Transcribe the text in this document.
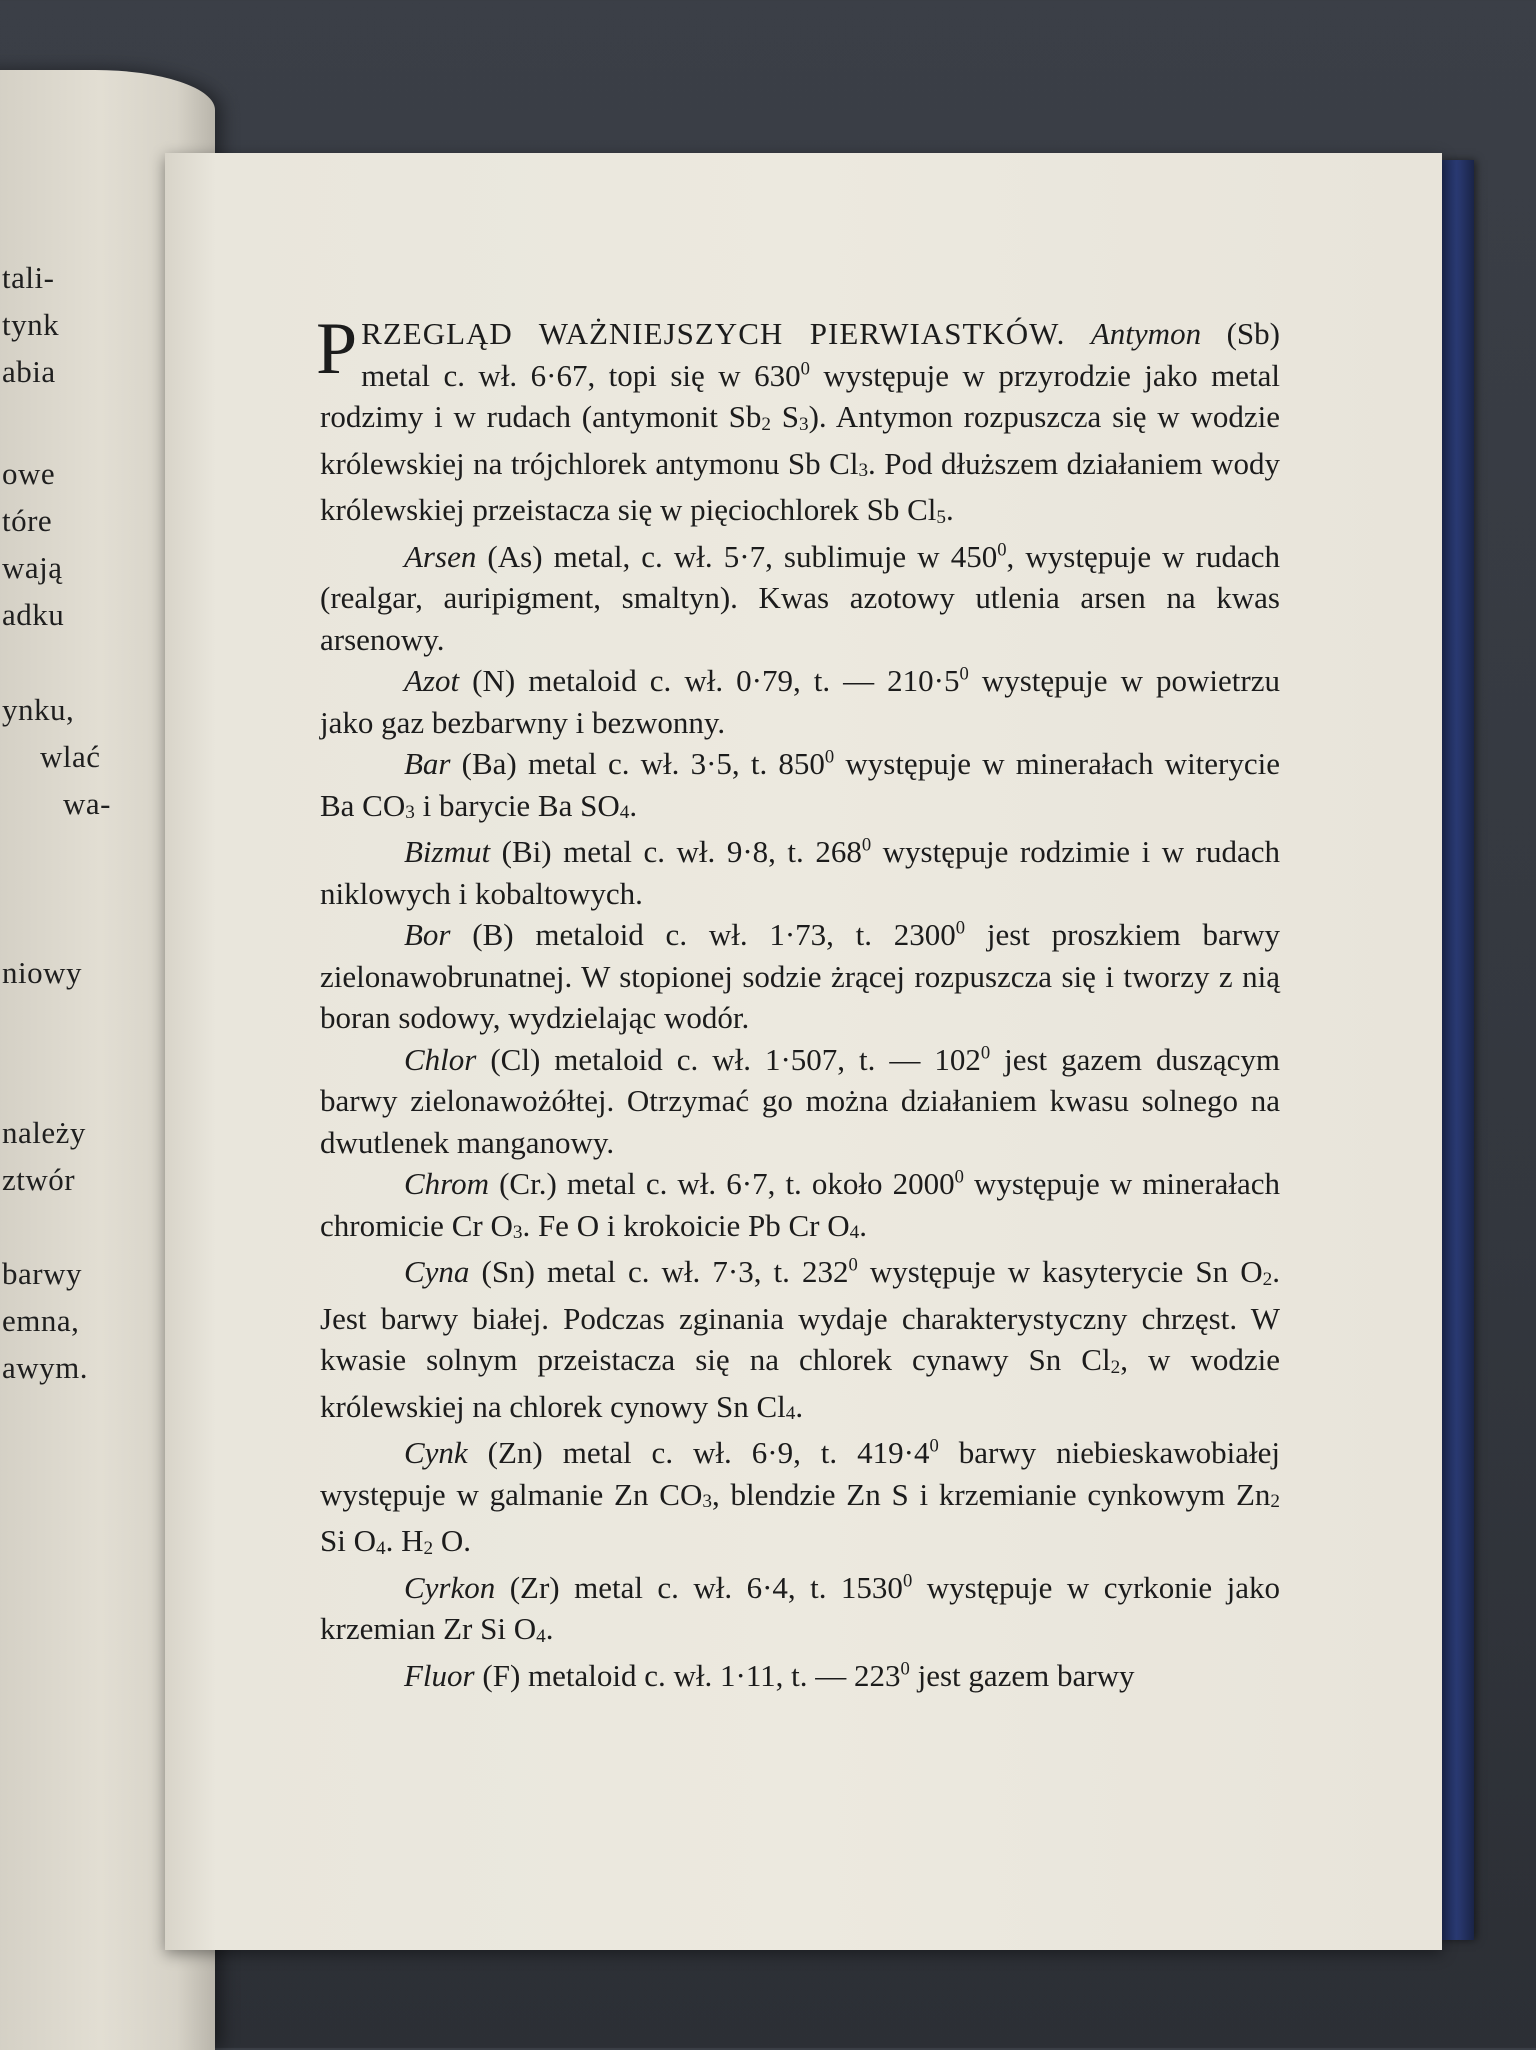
tali-
tynk
abia
owe
tóre
wają
adku
ynku,
wlać
wa-
niowy
należy
ztwór
barwy
emna,
awym.

PRZEGLĄD WAŻNIEJSZYCH PIERWIASTKÓW. Antymon (Sb) metal c. wł. 6·67, topi się w $630^0$ występuje w przyrodzie jako metal rodzimy i w rudach (antymonit $Sb_2$ $S_3$). Antymon rozpuszcza się w wodzie królewskiej na trójchlorek antymonu Sb $Cl_3$. Pod dłuższem działaniem wody królewskiej przeistacza się w pięciochlorek Sb $Cl_5$.

Arsen (As) metal, c. wł. 5·7, sublimuje w $450^0$, występuje w rudach (realgar, auripigment, smaltyn). Kwas azotowy utlenia arsen na kwas arsenowy.

Azot (N) metaloid c. wł. 0·79, t. — $210\cdot 5^0$ występuje w powietrzu jako gaz bezbarwny i bezwonny.

Bar (Ba) metal c. wł. 3·5, t. $850^0$ występuje w minerałach witerycie Ba $CO_3$ i barycie Ba $SO_4$.

Bizmut (Bi) metal c. wł. 9·8, t. $268^0$ występuje rodzimie i w rudach niklowych i kobaltowych.

Bor (B) metaloid c. wł. 1·73, t. 2300$^0$ jest proszkiem barwy zielonawobrunatnej. W stopionej sodzie żrącej rozpuszcza się i tworzy z nią boran sodowy, wydzielając wodór.

Chlor (Cl) metaloid c. wł. 1·507, t. — $102^0$ jest gazem duszącym barwy zielonawożółtej. Otrzymać go można działaniem kwasu solnego na dwutlenek manganowy.

Chrom (Cr.) metal c. wł. 6·7, t. około 2000$^0$ występuje w minerałach chromicie Cr $O_3$. Fe O i krokoicie Pb Cr $O_4$.

Cyna (Sn) metal c. wł. 7·3, t. $232^0$ występuje w kasyterycie Sn $O_2$. Jest barwy białej. Podczas zginania wydaje charakterystyczny chrzęst. W kwasie solnym przeistacza się na chlorek cynawy Sn $Cl_2$, w wodzie królewskiej na chlorek cynowy Sn $Cl_4$.

Cynk (Zn) metal c. wł. 6·9, t. $419\cdot 4^0$ barwy niebieskawobiałej występuje w galmanie Zn $CO_3$, blendzie Zn S i krzemianie cynkowym $Zn_2$ Si $O_4$. $H_2$ O.

Cyrkon (Zr) metal c. wł. 6·4, t. 1530$^0$ występuje w cyrkonie jako krzemian Zr Si $O_4$.

Fluor (F) metaloid c. wł. 1·11, t. — $223^0$ jest gazem barwy
